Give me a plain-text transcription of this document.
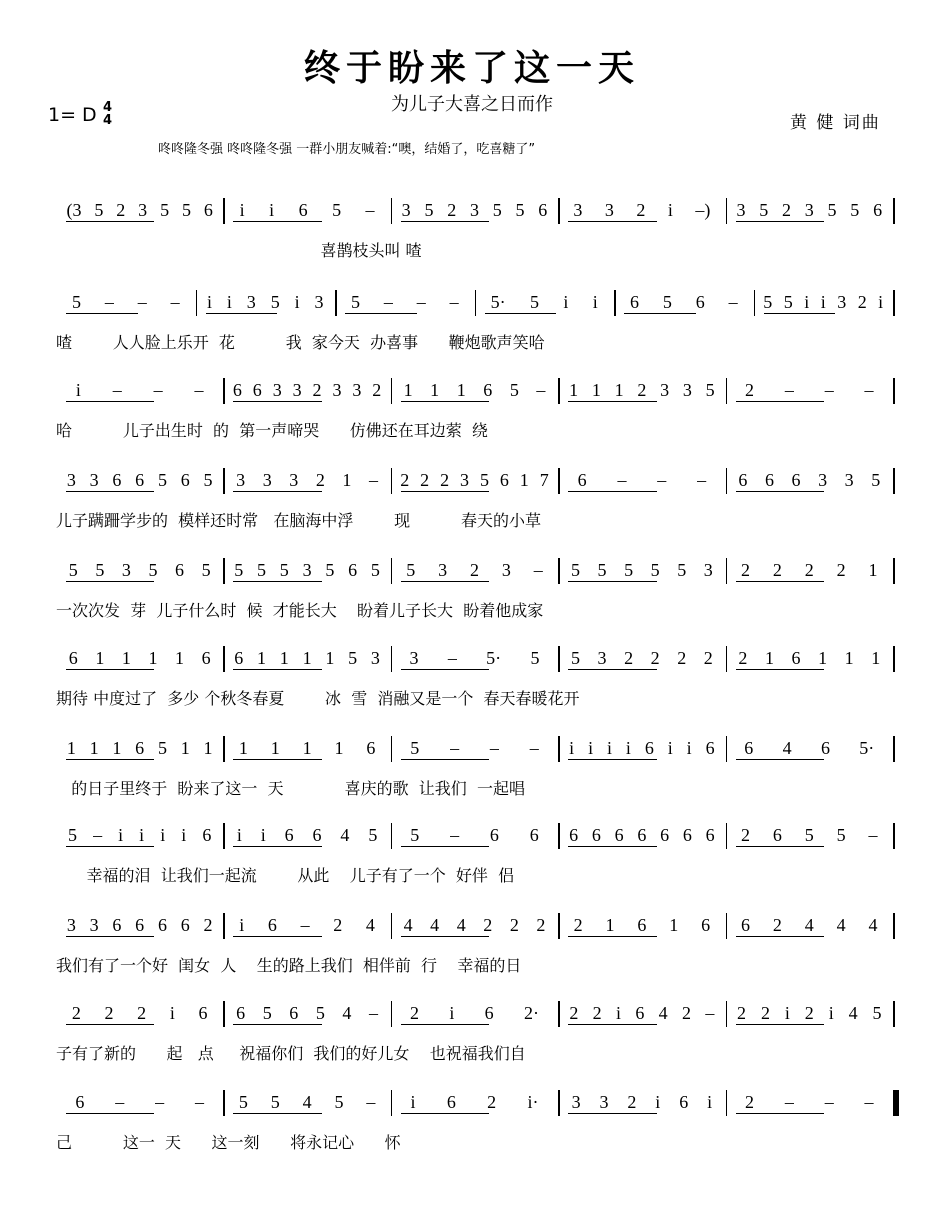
终于盼来了这一天
为儿子大喜之日而作
1= D 4
4	黄 健 词曲
咚咚隆冬强 咚咚隆冬强 一群小朋友喊着:“噢，结婚了，吃喜糖了”
(3 5 2 3 5 5 6 i i 6 5 – 3 5 2 3 5 5 6 3 3 2 i –) 3 5 2 3 5 5 6
喜鹊枝头叫 喳
5 – – – i i 3 5 i 3 5 – – – 5· 5 i i 6 5 6 – 5 5 i i 3 2 i
喳        人人脸上乐开  花          我  家今天  办喜事      鞭炮歌声笑哈
i – – – 6 6 3 3 2 3 3 2 1 1 1 6 5 – 1 1 1 2 3 3 5 2 – – –
哈          儿子出生时  的  第一声啼哭      仿佛还在耳边萦  绕
3 3 6 6 5 6 5 3 3 3 2 1 – 2 2 2 3 5 6 1 7 6 – – – 6 6 6 3 3 5
儿子蹒跚学步的  模样还时常   在脑海中浮        现          春天的小草
5 5 3 5 6 5 5 5 5 3 5 6 5 5 3 2 3 – 5 5 5 5 5 3 2 2 2 2 1
一次次发  芽  儿子什么时  候  才能长大    盼着儿子长大  盼着他成家
6 1 1 1 1 6 6 1 1 1 1 5 3 3 – 5· 5 5 3 2 2 2 2 2 1 6 1 1 1
期待 中度过了  多少 个秋冬春夏        冰  雪  消融又是一个  春天春暖花开
1 1 1 6 5 1 1 1 1 1 1 6 5 – – – i i i i 6 i i 6 6 4 6 5·
的日子里终于  盼来了这一  天            喜庆的歌  让我们  一起唱
5 – i i i i 6 i i 6 6 4 5 5 – 6 6 6 6 6 6 6 6 6 2 6 5 5 –
幸福的泪  让我们一起流        从此    儿子有了一个  好伴  侣
3 3 6 6 6 6 2 i 6 – 2 4 4 4 4 2 2 2 2 1 6 1 6 6 2 4 4 4
我们有了一个好  闺女  人    生的路上我们  相伴前  行    幸福的日
2 2 2 i 6 6 5 6 5 4 – 2 i 6 2· 2 2 i 6 4 2 – 2 2 i 2 i 4 5
子有了新的      起   点     祝福你们  我们的好儿女    也祝福我们自
6 – – – 5 5 4 5 – i 6 2 i· 3 3 2 i 6 i 2 – – –
己          这一  天      这一刻      将永记心      怀
